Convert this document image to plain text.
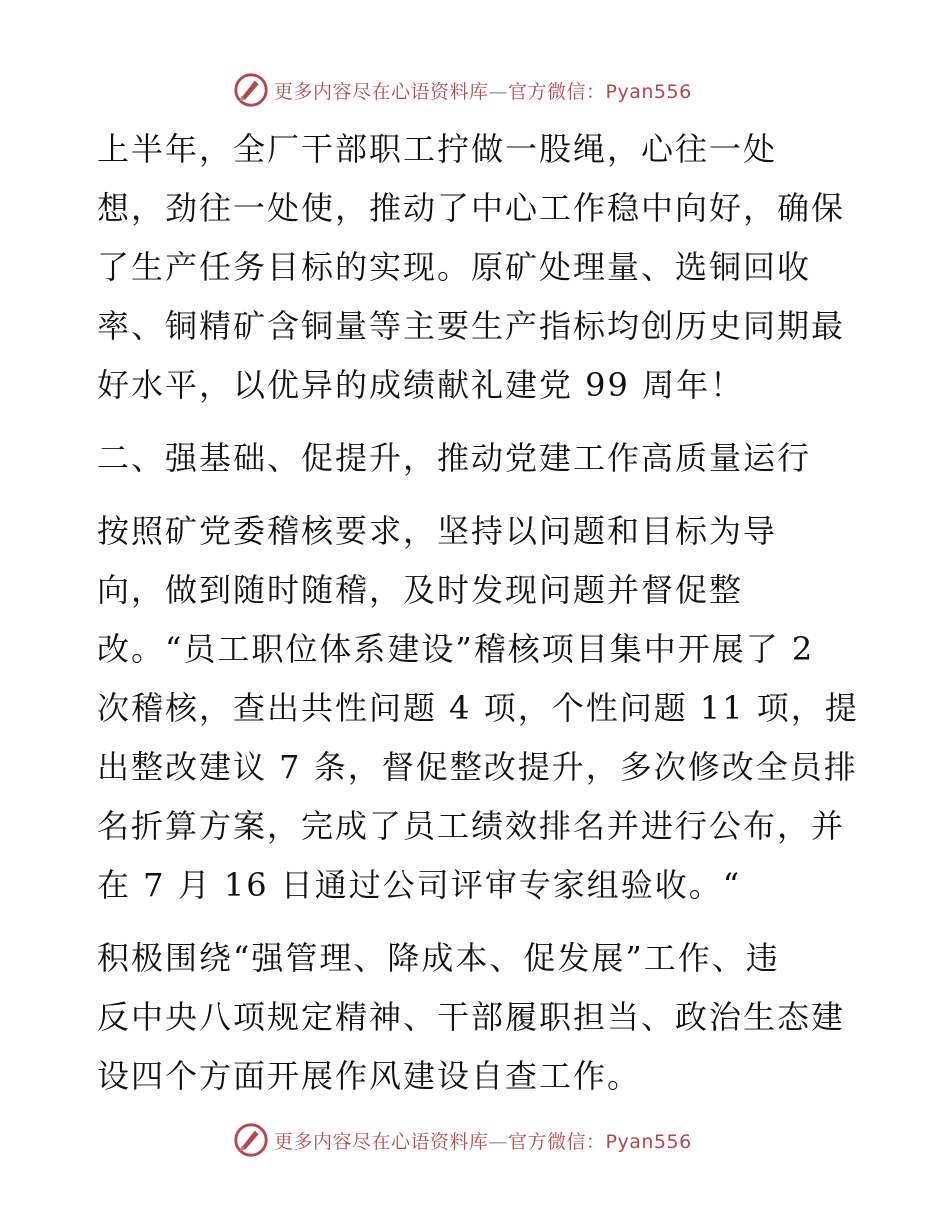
更多内容尽在心语资料库—官方微信：Pyan556
上半年，全厂干部职工拧做一股绳，心往一处
想，劲往一处使，推动了中心工作稳中向好，确保
了生产任务目标的实现。原矿处理量、选铜回收
率、铜精矿含铜量等主要生产指标均创历史同期最
好水平，以优异的成绩献礼建党 99 周年！
二、强基础、促提升，推动党建工作高质量运行
按照矿党委稽核要求，坚持以问题和目标为导
向，做到随时随稽，及时发现问题并督促整
改。“员工职位体系建设”稽核项目集中开展了 2
次稽核，查出共性问题 4 项，个性问题 11 项，提
出整改建议 7 条，督促整改提升，多次修改全员排
名折算方案，完成了员工绩效排名并进行公布，并
在 7 月 16 日通过公司评审专家组验收。“
积极围绕“强管理、降成本、促发展”工作、违
反中央八项规定精神、干部履职担当、政治生态建
设四个方面开展作风建设自查工作。
更多内容尽在心语资料库—官方微信：Pyan556
